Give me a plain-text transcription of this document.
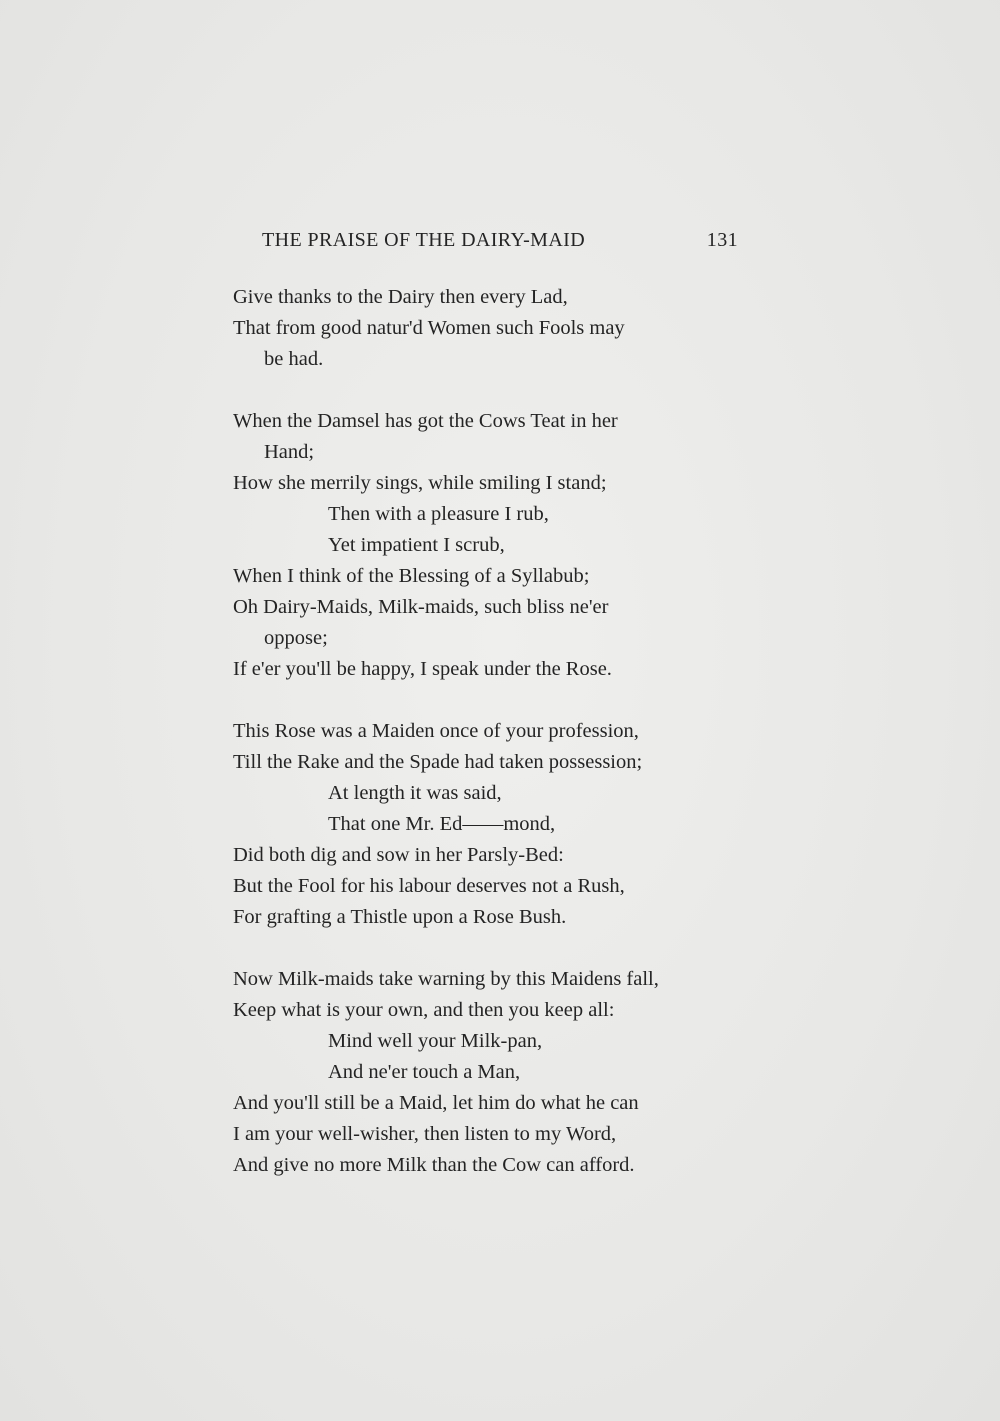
THE PRAISE OF THE DAIRY-MAID	131
Give thanks to the Dairy then every Lad,
That from good natur'd Women such Fools may
be had.
When the Damsel has got the Cows Teat in her
Hand;
How she merrily sings, while smiling I stand;
Then with a pleasure I rub,
Yet impatient I scrub,
When I think of the Blessing of a Syllabub;
Oh Dairy-Maids, Milk-maids, such bliss ne'er
oppose;
If e'er you'll be happy, I speak under the Rose.
This Rose was a Maiden once of your profession,
Till the Rake and the Spade had taken possession;
At length it was said,
That one Mr. Ed——mond,
Did both dig and sow in her Parsly-Bed:
But the Fool for his labour deserves not a Rush,
For grafting a Thistle upon a Rose Bush.
Now Milk-maids take warning by this Maidens fall,
Keep what is your own, and then you keep all:
Mind well your Milk-pan,
And ne'er touch a Man,
And you'll still be a Maid, let him do what he can
I am your well-wisher, then listen to my Word,
And give no more Milk than the Cow can afford.
